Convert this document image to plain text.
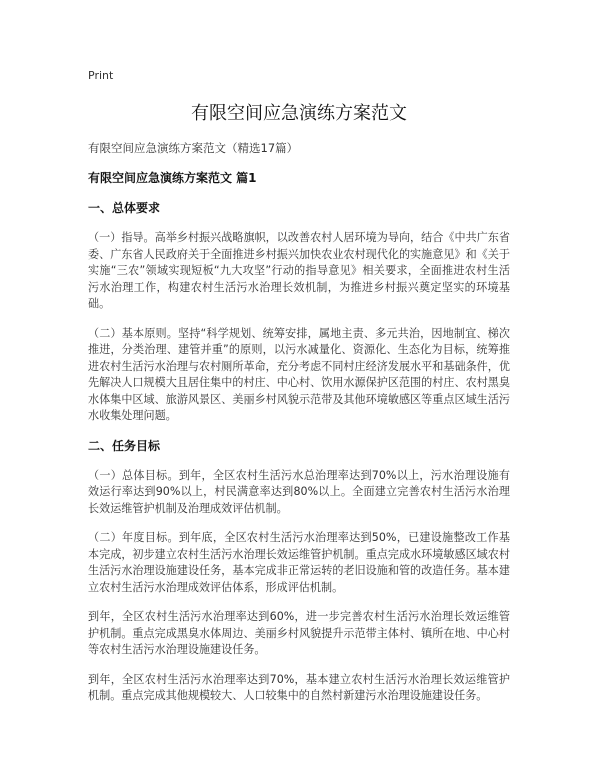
Print
有限空间应急演练方案范文
有限空间应急演练方案范文（精选17篇）
有限空间应急演练方案范文 篇1
一、总体要求

（一）指导。高举乡村振兴战略旗帜，以改善农村人居环境为导向，结合《中共广东省委、广东省人民政府关于全面推进乡村振兴加快农业农村现代化的实施意见》和《关于实施“三农”领域实现短板“九大攻坚”行动的指导意见》相关要求，全面推进农村生活污水治理工作，构建农村生活污水治理长效机制，为推进乡村振兴奠定坚实的环境基础。

（二）基本原则。坚持“科学规划、统筹安排，属地主责、多元共治，因地制宜、梯次推进，分类治理、建管并重”的原则，以污水减量化、资源化、生态化为目标，统筹推进农村生活污水治理与农村厕所革命，充分考虑不同村庄经济发展水平和基础条件，优先解决人口规模大且居住集中的村庄、中心村、饮用水源保护区范围的村庄、农村黑臭水体集中区域、旅游风景区、美丽乡村风貌示范带及其他环境敏感区等重点区域生活污水收集处理问题。

二、任务目标

（一）总体目标。到年，全区农村生活污水总治理率达到70%以上，污水治理设施有效运行率达到90%以上，村民满意率达到80%以上。全面建立完善农村生活污水治理长效运维管护机制及治理成效评估机制。

（二）年度目标。到年底，全区农村生活污水治理率达到50%，已建设施整改工作基本完成，初步建立农村生活污水治理长效运维管护机制。重点完成水环境敏感区域农村生活污水治理设施建设任务，基本完成非正常运转的老旧设施和管的改造任务。基本建立农村生活污水治理成效评估体系，形成评估机制。

到年，全区农村生活污水治理率达到60%，进一步完善农村生活污水治理长效运维管护机制。重点完成黑臭水体周边、美丽乡村风貌提升示范带主体村、镇所在地、中心村等农村生活污水治理设施建设任务。

到年，全区农村生活污水治理率达到70%，基本建立农村生活污水治理长效运维管护机制。重点完成其他规模较大、人口较集中的自然村新建污水治理设施建设任务。
